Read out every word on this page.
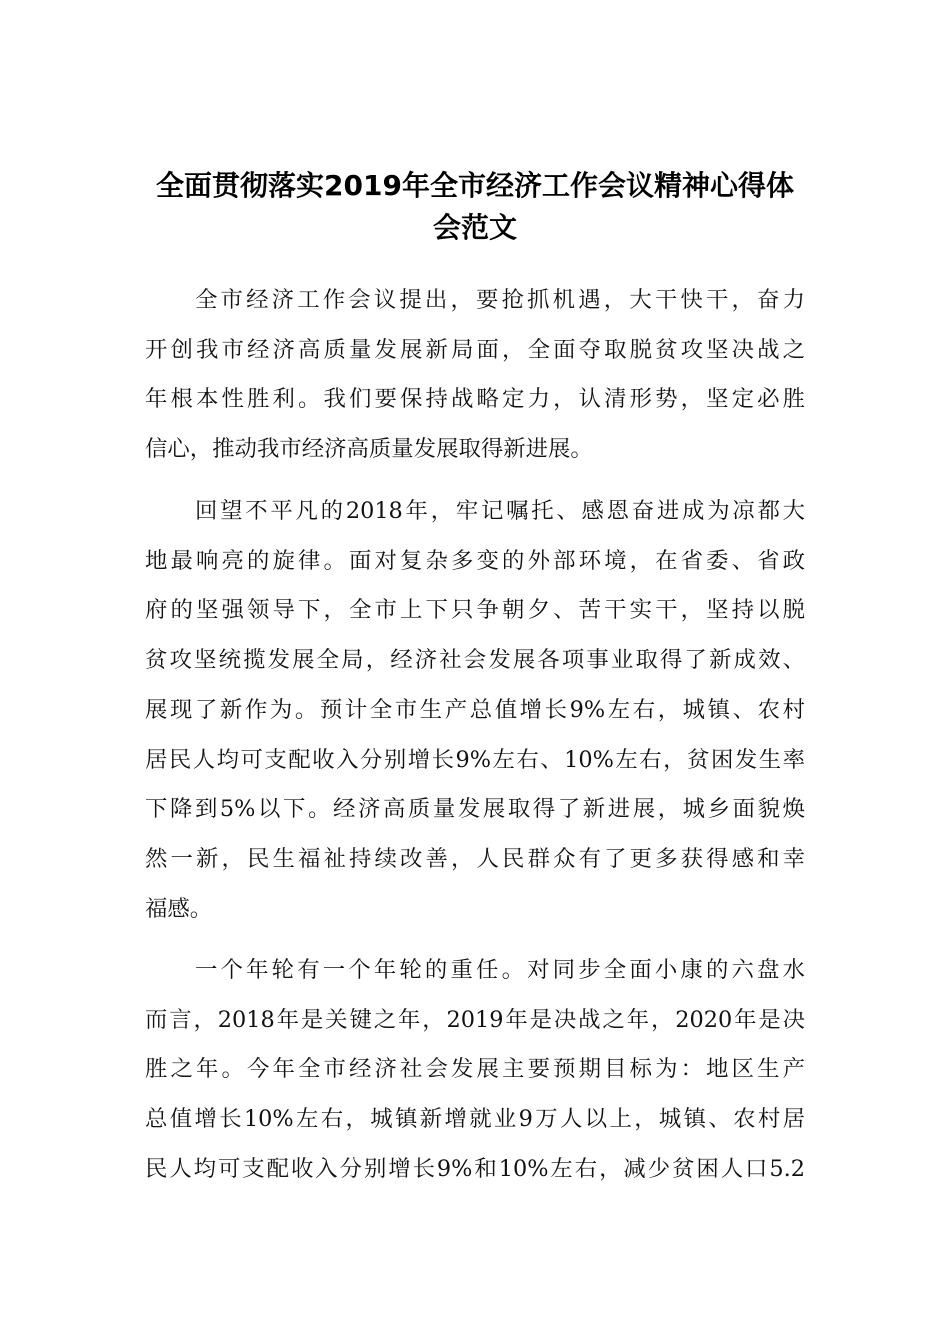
全面贯彻落实2019年全市经济工作会议精神心得体
会范文
全市经济工作会议提出，要抢抓机遇，大干快干，奋力
开创我市经济高质量发展新局面，全面夺取脱贫攻坚决战之
年根本性胜利。我们要保持战略定力，认清形势，坚定必胜
信心，推动我市经济高质量发展取得新进展。
回望不平凡的2018年，牢记嘱托、感恩奋进成为凉都大
地最响亮的旋律。面对复杂多变的外部环境，在省委、省政
府的坚强领导下，全市上下只争朝夕、苦干实干，坚持以脱
贫攻坚统揽发展全局，经济社会发展各项事业取得了新成效、
展现了新作为。预计全市生产总值增长9%左右，城镇、农村
居民人均可支配收入分别增长9%左右、10%左右，贫困发生率
下降到5%以下。经济高质量发展取得了新进展，城乡面貌焕
然一新，民生福祉持续改善，人民群众有了更多获得感和幸
福感。
一个年轮有一个年轮的重任。对同步全面小康的六盘水
而言，2018年是关键之年，2019年是决战之年，2020年是决
胜之年。今年全市经济社会发展主要预期目标为：地区生产
总值增长10%左右，城镇新增就业9万人以上，城镇、农村居
民人均可支配收入分别增长9%和10%左右，减少贫困人口5.2
